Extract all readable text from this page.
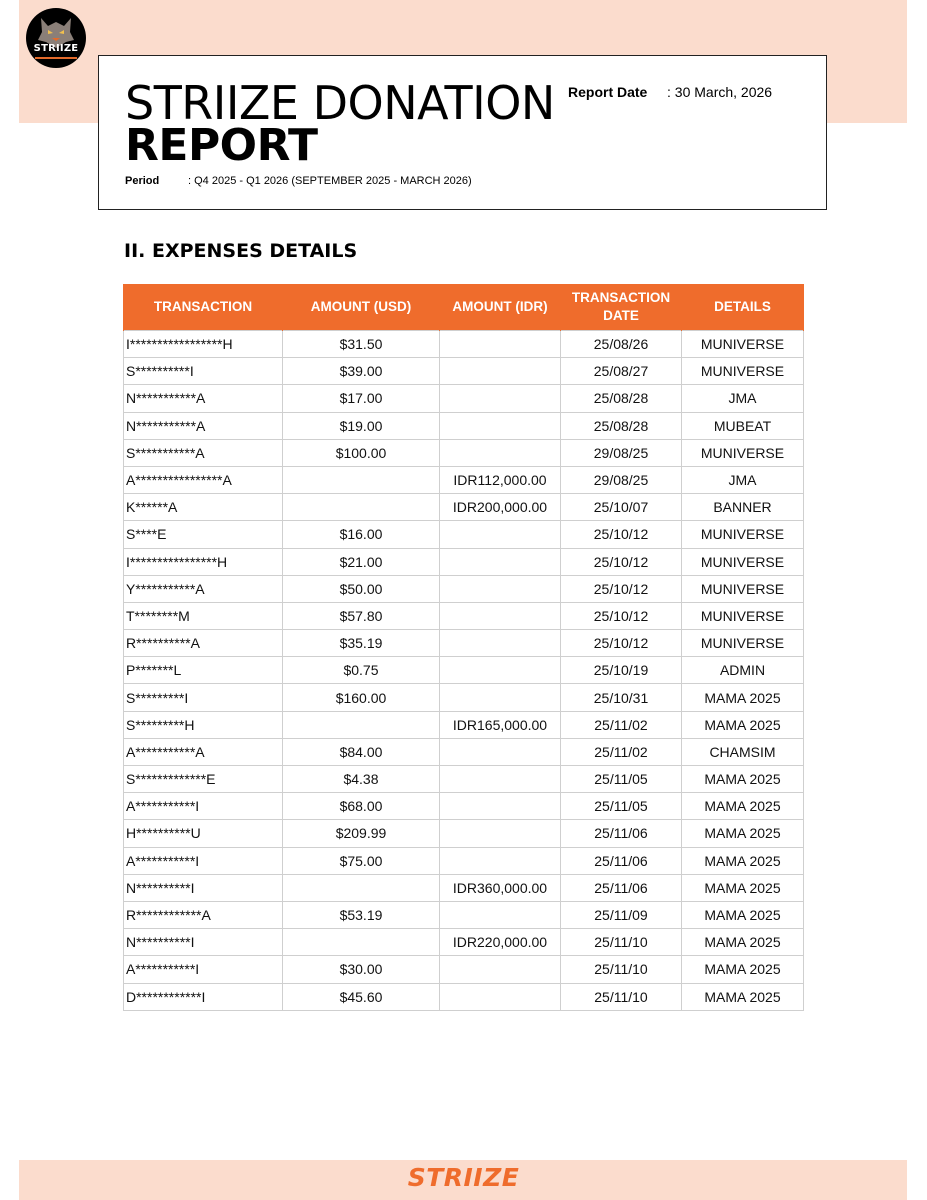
STRIIZE
STRIIZE DONATION
REPORT
Period	: Q4 2025 - Q1 2026 (SEPTEMBER 2025 - MARCH 2026)
Report Date : 30 March, 2026
II. EXPENSES DETAILS
TRANSACTION	AMOUNT (USD)	AMOUNT (IDR)	TRANSACTION DATE	DETAILS
I*****************H	$31.50		25/08/26	MUNIVERSE
S**********I	$39.00		25/08/27	MUNIVERSE
N***********A	$17.00		25/08/28	JMA
N***********A	$19.00		25/08/28	MUBEAT
S***********A	$100.00		29/08/25	MUNIVERSE
A****************A		IDR112,000.00	29/08/25	JMA
K******A		IDR200,000.00	25/10/07	BANNER
S****E	$16.00		25/10/12	MUNIVERSE
I****************H	$21.00		25/10/12	MUNIVERSE
Y***********A	$50.00		25/10/12	MUNIVERSE
T********M	$57.80		25/10/12	MUNIVERSE
R**********A	$35.19		25/10/12	MUNIVERSE
P*******L	$0.75		25/10/19	ADMIN
S*********I	$160.00		25/10/31	MAMA 2025
S*********H		IDR165,000.00	25/11/02	MAMA 2025
A***********A	$84.00		25/11/02	CHAMSIM
S*************E	$4.38		25/11/05	MAMA 2025
A***********I	$68.00		25/11/05	MAMA 2025
H**********U	$209.99		25/11/06	MAMA 2025
A***********I	$75.00		25/11/06	MAMA 2025
N**********I		IDR360,000.00	25/11/06	MAMA 2025
R************A	$53.19		25/11/09	MAMA 2025
N**********I		IDR220,000.00	25/11/10	MAMA 2025
A***********I	$30.00		25/11/10	MAMA 2025
D************I	$45.60		25/11/10	MAMA 2025
STRIIZE
